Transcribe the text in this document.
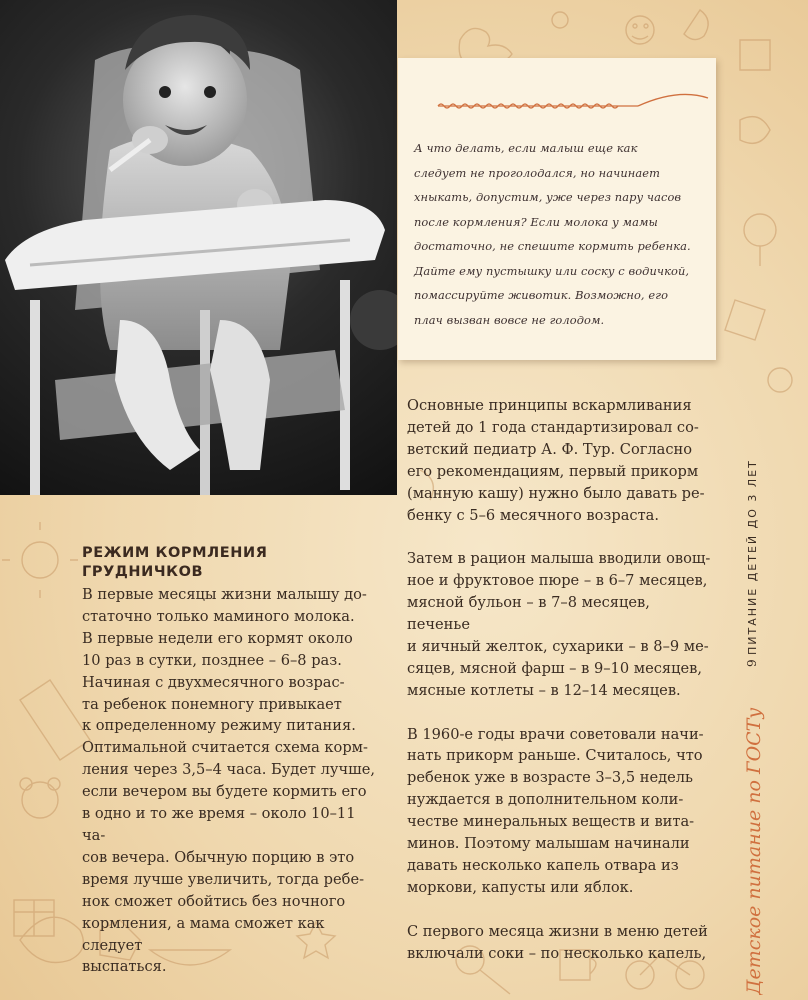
А что делать, если малыш еще как
следует не проголодался, но начинает
хныкать, допустим, уже через пару часов
после кормления? Если молока у мамы
достаточно, не спешите кормить ребенка.
Дайте ему пустышку или соску с водичкой,
помассируйте животик. Возможно, его
плач вызван вовсе не голодом.
РЕЖИМ КОРМЛЕНИЯ
ГРУДНИЧКОВ
В первые месяцы жизни малышу до-
статочно только маминого молока.
В первые недели его кормят около
10 раз в сутки, позднее – 6–8 раз.
Начиная с двухмесячного возрас-
та ребенок понемногу привыкает
к определенному режиму питания.
Оптимальной считается схема корм-
ления через 3,5–4 часа. Будет лучше,
если вечером вы будете кормить его
в одно и то же время – около 10–11 ча-
сов вечера. Обычную порцию в это
время лучше увеличить, тогда ребе-
нок сможет обойтись без ночного
кормления, а мама сможет как следует
выспаться.
Основные принципы вскармливания
детей до 1 года стандартизировал со-
ветский педиатр А. Ф. Тур. Согласно
его рекомендациям, первый прикорм
(манную кашу) нужно было давать ре-
бенку с 5–6 месячного возраста.
Затем в рацион малыша вводили овощ-
ное и фруктовое пюре – в 6–7 месяцев,
мясной бульон – в 7–8 месяцев, печенье
и яичный желток, сухарики – в 8–9 ме-
сяцев, мясной фарш – в 9–10 месяцев,
мясные котлеты – в 12–14 месяцев.
В 1960-е годы врачи советовали начи-
нать прикорм раньше. Считалось, что
ребенок уже в возрасте 3–3,5 недель
нуждается в дополнительном коли-
честве минеральных веществ и вита-
минов. Поэтому малышам начинали
давать несколько капель отвара из
моркови, капусты или яблок.
С первого месяца жизни в меню детей
включали соки – по несколько капель,
ПИТАНИЕ ДЕТЕЙ ДО 3 ЛЕТ
9
Детское питание по ГОСТу
